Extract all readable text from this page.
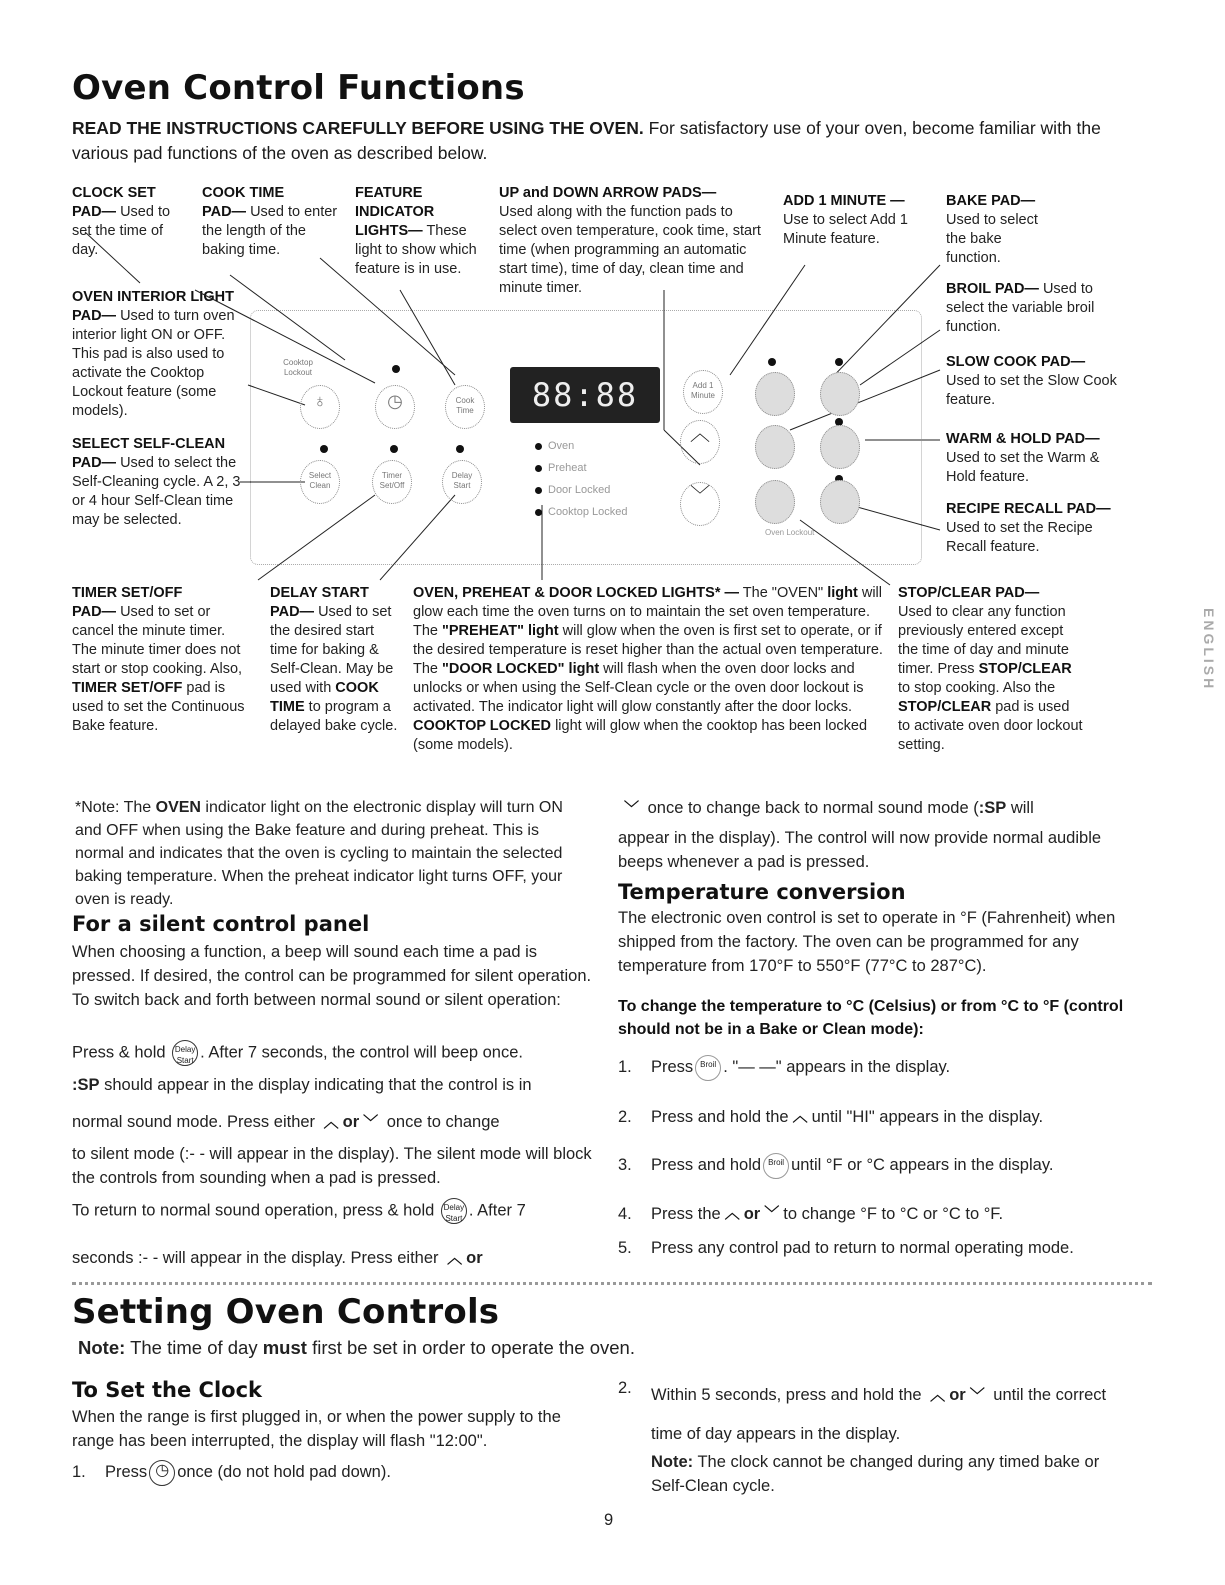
Oven Control Functions
READ THE INSTRUCTIONS CAREFULLY BEFORE USING THE OVEN. For satisfactory use of your oven, become familiar with the various pad functions of the oven as described below.
CLOCK SET
PAD— Used to set the time of day.
COOK TIME
PAD— Used to enter the length of the baking time.
FEATURE
INDICATOR LIGHTS— These light to show which feature is in use.
UP and DOWN ARROW PADS—
Used along with the function pads to select oven temperature, cook time, start time (when programming an automatic start time), time of day, clean time and minute timer.
ADD 1 MINUTE —
Use to select Add 1 Minute feature.
BAKE PAD—
Used to select the bake function.
BROIL PAD— Used to select the variable broil function.
SLOW COOK PAD—
Used to set the Slow Cook feature.
WARM & HOLD PAD—
Used to set the Warm & Hold feature.
RECIPE RECALL PAD—
Used to set the Recipe Recall feature.
OVEN INTERIOR LIGHT PAD— Used to turn oven interior light ON or OFF. This pad is also used to activate the Cooktop Lockout feature (some models).
SELECT SELF-CLEAN PAD— Used to select the Self-Cleaning cycle. A 2, 3 or 4 hour Self-Clean time may be selected.
Cooktop Lockout
♁	◷	Cook Time
Select Clean
Timer Set/Off
Delay Start
88:88
Oven
Preheat
Door Locked
Cooktop Locked
Add 1 Minute
︿
﹀
Oven Lockout
TIMER SET/OFF
PAD— Used to set or cancel the minute timer. The minute timer does not start or stop cooking. Also, TIMER SET/OFF pad is used to set the Continuous Bake feature.
DELAY START
PAD— Used to set the desired start time for baking & Self-Clean. May be used with COOK TIME to program a delayed bake cycle.
OVEN, PREHEAT & DOOR LOCKED LIGHTS* — The "OVEN" light will glow each time the oven turns on to maintain the set oven temperature. The "PREHEAT" light will glow when the oven is first set to operate, or if the desired temperature is reset higher than the actual oven temperature. The "DOOR LOCKED" light will flash when the oven door locks and unlocks or when using the Self-Clean cycle or the oven door lockout is activated. The indicator light will glow constantly after the door locks. COOKTOP LOCKED light will glow when the cooktop has been locked (some models).
STOP/CLEAR PAD—
Used to clear any function previously entered except the time of day and minute timer. Press STOP/CLEAR to stop cooking. Also the STOP/CLEAR pad is used to activate oven door lockout setting.
ENGLISH
*Note: The OVEN indicator light on the electronic display will turn ON and OFF when using the Bake feature and during preheat. This is normal and indicates that the oven is cycling to maintain the selected baking temperature. When the preheat indicator light turns OFF, your oven is ready.
For a silent control panel
When choosing a function, a beep will sound each time a pad is pressed. If desired, the control can be programmed for silent operation. To switch back and forth between normal sound or silent operation:
Press & hold Delay Start . After 7 seconds, the control will beep once.
:SP should appear in the display indicating that the control is in
normal sound mode. Press either ︿ or ﹀ once to change
to silent mode (:- - will appear in the display). The silent mode will block the controls from sounding when a pad is pressed.
To return to normal sound operation, press & hold Delay Start . After 7
seconds :- - will appear in the display. Press either ︿ or
﹀ once to change back to normal sound mode (:SP will
appear in the display). The control will now provide normal audible beeps whenever a pad is pressed.
Temperature conversion
The electronic oven control is set to operate in °F (Fahrenheit) when shipped from the factory. The oven can be programmed for any temperature from 170°F to 550°F (77°C to 287°C).
To change the temperature to °C (Celsius) or from °C to °F (control should not be in a Bake or Clean mode):
1.	Press Broil . "— —" appears in the display.
2.	Press and hold the ︿ until "HI" appears in the display.
3.	Press and hold Broil until °F or °C appears in the display.
4.	Press the ︿ or ﹀ to change °F to °C or °C to °F.
5.	Press any control pad to return to normal operating mode.
Setting Oven Controls
Note: The time of day must first be set in order to operate the oven.
To Set the Clock
When the range is first plugged in, or when the power supply to the range has been interrupted, the display will flash "12:00".
1.	Press ◷ once (do not hold pad down).
2.	Within 5 seconds, press and hold the ︿ or ﹀ until the correct time of day appears in the display.
Note: The clock cannot be changed during any timed bake or Self-Clean cycle.
9
